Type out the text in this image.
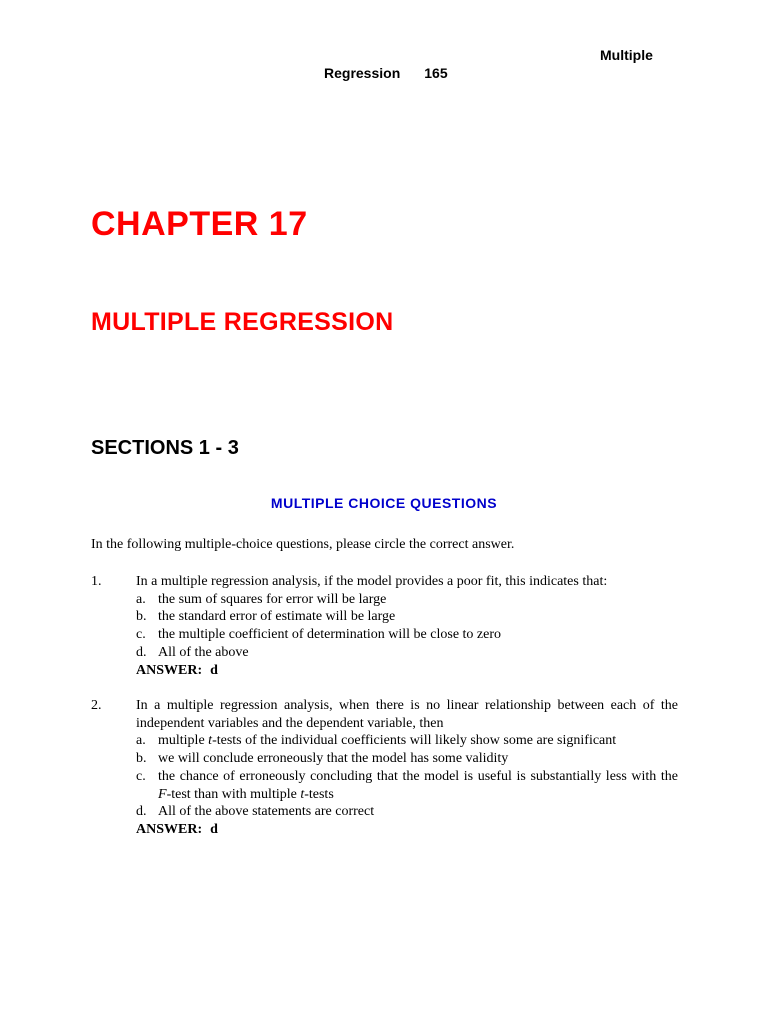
Multiple
Regression 165
CHAPTER 17
MULTIPLE REGRESSION
SECTIONS 1 - 3
MULTIPLE CHOICE QUESTIONS
In the following multiple-choice questions, please circle the correct answer.
1.	In a multiple regression analysis, if the model provides a poor fit, this indicates that:
a. the sum of squares for error will be large
b. the standard error of estimate will be large
c. the multiple coefficient of determination will be close to zero
d. All of the above
ANSWER: d
2.	In a multiple regression analysis, when there is no linear relationship between each of the independent variables and the dependent variable, then
a. multiple t-tests of the individual coefficients will likely show some are significant
b. we will conclude erroneously that the model has some validity
c. the chance of erroneously concluding that the model is useful is substantially less with the F-test than with multiple t-tests
d. All of the above statements are correct
ANSWER: d
